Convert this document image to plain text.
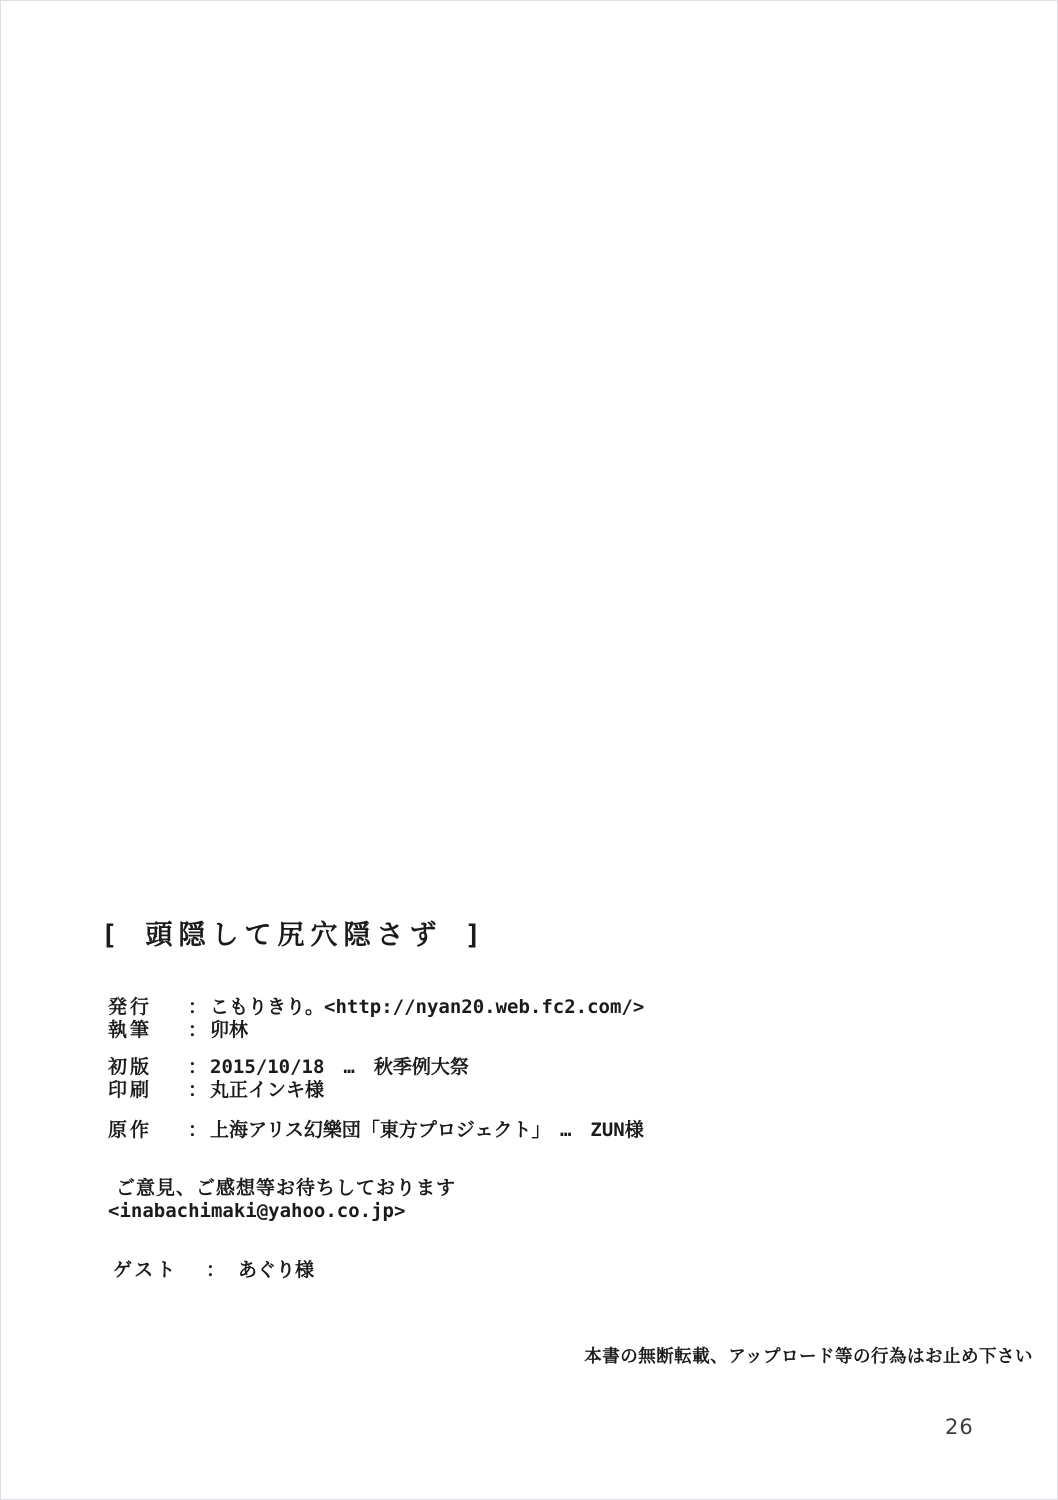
[ 頭隠して尻穴隠さず ]
発行	： こもりきり。<http://nyan20.web.fc2.com/>
執筆	： 卯林
初版	： 2015/10/18　…　秋季例大祭
印刷	： 丸正インキ様
原作	： 上海アリス幻樂団「東方プロジェクト」　…　ZUN様
ご意見、ご感想等お待ちしております
<inabachimaki@yahoo.co.jp>
ゲスト	： あぐり様
本書の無断転載、アップロード等の行為はお止め下さい
26
